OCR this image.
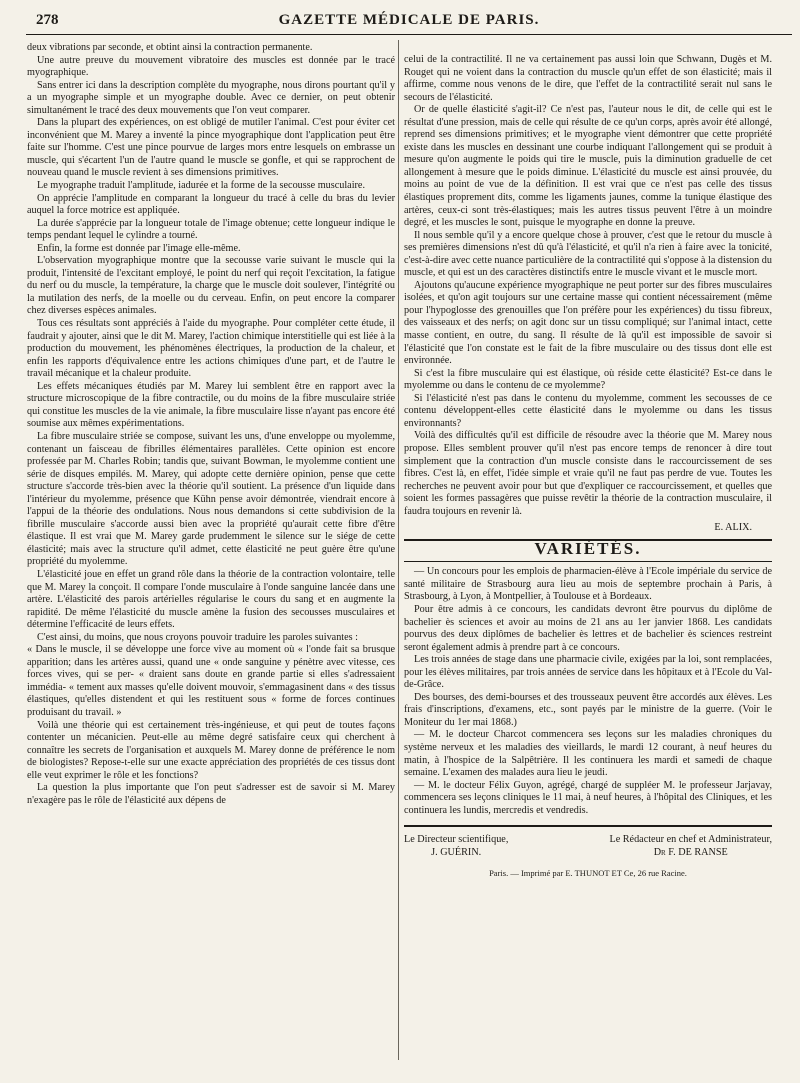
278	GAZETTE MÉDICALE DE PARIS.

deux vibrations par seconde, et obtint ainsi la contraction permanente.

Une autre preuve du mouvement vibratoire des muscles est donnée par le tracé myographique.

Sans entrer ici dans la description complète du myographe, nous dirons pourtant qu'il y a un myographe simple et un myographe double. Avec ce dernier, on peut obtenir simultanément le tracé des deux mouvements que l'on veut comparer.

Dans la plupart des expériences, on est obligé de mutiler l'animal. C'est pour éviter cet inconvénient que M. Marey a inventé la pince myographique dont l'application peut être faite sur l'homme. C'est une pince pourvue de larges mors entre lesquels on embrasse un muscle, qui s'écartent l'un de l'autre quand le muscle se gonfle, et qui se rapprochent de nouveau quand le muscle revient à ses dimensions primitives.

Le myographe traduit l'amplitude, iadurée et la forme de la secousse musculaire.

On apprécie l'amplitude en comparant la longueur du tracé à celle du bras du levier auquel la force motrice est appliquée.

La durée s'apprécie par la longueur totale de l'image obtenue; cette longueur indique le temps pendant lequel le cylindre a tourné.

Enfin, la forme est donnée par l'image elle-même.

L'observation myographique montre que la secousse varie suivant le muscle qui la produit, l'intensité de l'excitant employé, le point du nerf qui reçoit l'excitation, la fatigue du nerf ou du muscle, la température, la charge que le muscle doit soulever, l'intégrité ou la mutilation des nerfs, de la moelle ou du cerveau. Enfin, on peut encore la comparer chez diverses espèces animales.

Tous ces résultats sont appréciés à l'aide du myographe. Pour compléter cette étude, il faudrait y ajouter, ainsi que le dit M. Marey, l'action chimique interstitielle qui est liée à la production du mouvement, les phénomènes électriques, la production de la chaleur, et enfin les rapports d'équivalence entre les actions chimiques d'une part, et de l'autre le travail mécanique et la chaleur produite.

Les effets mécaniques étudiés par M. Marey lui semblent être en rapport avec la structure microscopique de la fibre contractile, ou du moins de la fibre musculaire striée qui constitue les muscles de la vie animale, la fibre musculaire lisse n'ayant pas encore été soumise aux mêmes expérimentations.

La fibre musculaire striée se compose, suivant les uns, d'une enveloppe ou myolemme, contenant un faisceau de fibrilles élémentaires parallèles. Cette opinion est encore professée par M. Charles Robin; tandis que, suivant Bowman, le myolemme contient une série de disques empilés. M. Marey, qui adopte cette dernière opinion, pense que cette structure s'accorde très-bien avec la théorie qu'il soutient. La présence d'un liquide dans l'intérieur du myolemme, présence que Kühn pense avoir démontrée, viendrait encore à l'appui de la théorie des ondulations. Nous nous demandons si cette subdivision de la fibrille musculaire s'accorde aussi bien avec la propriété qu'aurait cette fibre d'être élastique. Il est vrai que M. Marey garde prudemment le silence sur le siége de cette élasticité; mais avec la structure qu'il admet, cette élasticité ne peut guère être qu'une propriété du myolemme.

L'élasticité joue en effet un grand rôle dans la théorie de la contraction volontaire, telle que M. Marey la conçoit. Il compare l'onde musculaire à l'onde sanguine lancée dans une artère. L'élasticité des parois artérielles régularise le cours du sang et en augmente la rapidité. De même l'élasticité du muscle amène la fusion des secousses musculaires et détermine l'efficacité de leurs effets.

C'est ainsi, du moins, que nous croyons pouvoir traduire les paroles suivantes :

« Dans le muscle, il se développe une force vive au moment où « l'onde fait sa brusque apparition; dans les artères aussi, quand une « onde sanguine y pénètre avec vitesse, ces forces vives, qui se per- « draient sans doute en grande partie si elles s'adressaient immédia- « tement aux masses qu'elle doivent mouvoir, s'emmagasinent dans « des tissus élastiques, qu'elles distendent et qui les restituent sous « forme de forces continues produisant du travail. »

Voilà une théorie qui est certainement très-ingénieuse, et qui peut de toutes façons contenter un mécanicien. Peut-elle au même degré satisfaire ceux qui cherchent à connaître les secrets de l'organisation et auxquels M. Marey donne de préférence le nom de biologistes? Repose-t-elle sur une exacte appréciation des propriétés de ces tissus dont elle veut exprimer le rôle et les fonctions?

La question la plus importante que l'on peut s'adresser est de savoir si M. Marey n'exagère pas le rôle de l'élasticité aux dépens de

celui de la contractilité. Il ne va certainement pas aussi loin que Schwann, Dugès et M. Rouget qui ne voient dans la contraction du muscle qu'un effet de son élasticité; mais il affirme, comme nous venons de le dire, que l'effet de la contractilité serait nul sans le secours de l'élasticité.

Or de quelle élasticité s'agit-il? Ce n'est pas, l'auteur nous le dit, de celle qui est le résultat d'une pression, mais de celle qui résulte de ce qu'un corps, après avoir été allongé, reprend ses dimensions primitives; et le myographe vient démontrer que cette propriété existe dans les muscles en dessinant une courbe indiquant l'allongement qui se produit à mesure qu'on augmente le poids qui tire le muscle, puis la diminution graduelle de cet allongement à mesure que le poids diminue. L'élasticité du muscle est ainsi prouvée, du moins au point de vue de la définition. Il est vrai que ce n'est pas celle des tissus élastiques proprement dits, comme les ligaments jaunes, comme la tunique élastique des artères, ceux-ci sont très-élastiques; mais les autres tissus peuvent l'être à un moindre degré, et les muscles le sont, puisque le myographe en donne la preuve.

Il nous semble qu'il y a encore quelque chose à prouver, c'est que le retour du muscle à ses premières dimensions n'est dû qu'à l'élasticité, et qu'il n'a rien à faire avec la tonicité, c'est-à-dire avec cette nuance particulière de la contractilité qui s'oppose à la distension du muscle, et qui est un des caractères distinctifs entre le muscle vivant et le muscle mort.

Ajoutons qu'aucune expérience myographique ne peut porter sur des fibres musculaires isolées, et qu'on agit toujours sur une certaine masse qui contient nécessairement (même pour l'hypoglosse des grenouilles que l'on préfère pour les expériences) du tissu fibreux, des vaisseaux et des nerfs; on agit donc sur un tissu compliqué; sur l'animal intact, cette masse contient, en outre, du sang. Il résulte de là qu'il est impossible de savoir si l'élasticité que l'on constate est le fait de la fibre musculaire ou des tissus dont elle est environnée.

Si c'est la fibre musculaire qui est élastique, où réside cette élasticité? Est-ce dans le myolemme ou dans le contenu de ce myolemme?

Si l'élasticité n'est pas dans le contenu du myolemme, comment les secousses de ce contenu développent-elles cette élasticité dans le myolemme ou dans les tissus environnants?

Voilà des difficultés qu'il est difficile de résoudre avec la théorie que M. Marey nous propose. Elles semblent prouver qu'il n'est pas encore temps de renoncer à dire tout simplement que la contraction d'un muscle consiste dans le raccourcissement de ses fibres. C'est là, en effet, l'idée simple et vraie qu'il ne faut pas perdre de vue. Toutes les recherches ne peuvent avoir pour but que d'expliquer ce raccourcissement, et quelles que soient les formes passagères que puisse revêtir la théorie de la contraction musculaire, il faudra toujours en revenir là.

E. ALIX.
VARIÉTÉS.

— Un concours pour les emplois de pharmacien-élève à l'Ecole impériale du service de santé militaire de Strasbourg aura lieu au mois de septembre prochain à Paris, à Strasbourg, à Lyon, à Montpellier, à Toulouse et à Bordeaux.

Pour être admis à ce concours, les candidats devront être pourvus du diplôme de bachelier ès sciences et avoir au moins de 21 ans au 1er janvier 1868. Les candidats pourvus des deux diplômes de bachelier ès lettres et de bachelier ès sciences restreint seront également admis à prendre part à ce concours.

Les trois années de stage dans une pharmacie civile, exigées par la loi, sont remplacées, pour les élèves militaires, par trois années de service dans les hôpitaux et à l'Ecole du Val-de-Grâce.

Des bourses, des demi-bourses et des trousseaux peuvent être accordés aux élèves. Les frais d'inscriptions, d'examens, etc., sont payés par le ministre de la guerre. (Voir le Moniteur du 1er mai 1868.)

— M. le docteur Charcot commencera ses leçons sur les maladies chroniques du système nerveux et les maladies des vieillards, le mardi 12 courant, à neuf heures du matin, à l'hospice de la Salpêtrière. Il les continuera les mardi et samedi de chaque semaine. L'examen des malades aura lieu le jeudi.

— M. le docteur Félix Guyon, agrégé, chargé de suppléer M. le professeur Jarjavay, commencera ses leçons cliniques le 11 mai, à neuf heures, à l'hôpital des Cliniques, et les continuera les lundis, mercredis et vendredis.

Le Directeur scientifique,
J. GUÉRIN.
Le Rédacteur en chef et Administrateur,
Dr F. DE RANSE
Paris. — Imprimé par E. THUNOT ET Ce, 26 rue Racine.
